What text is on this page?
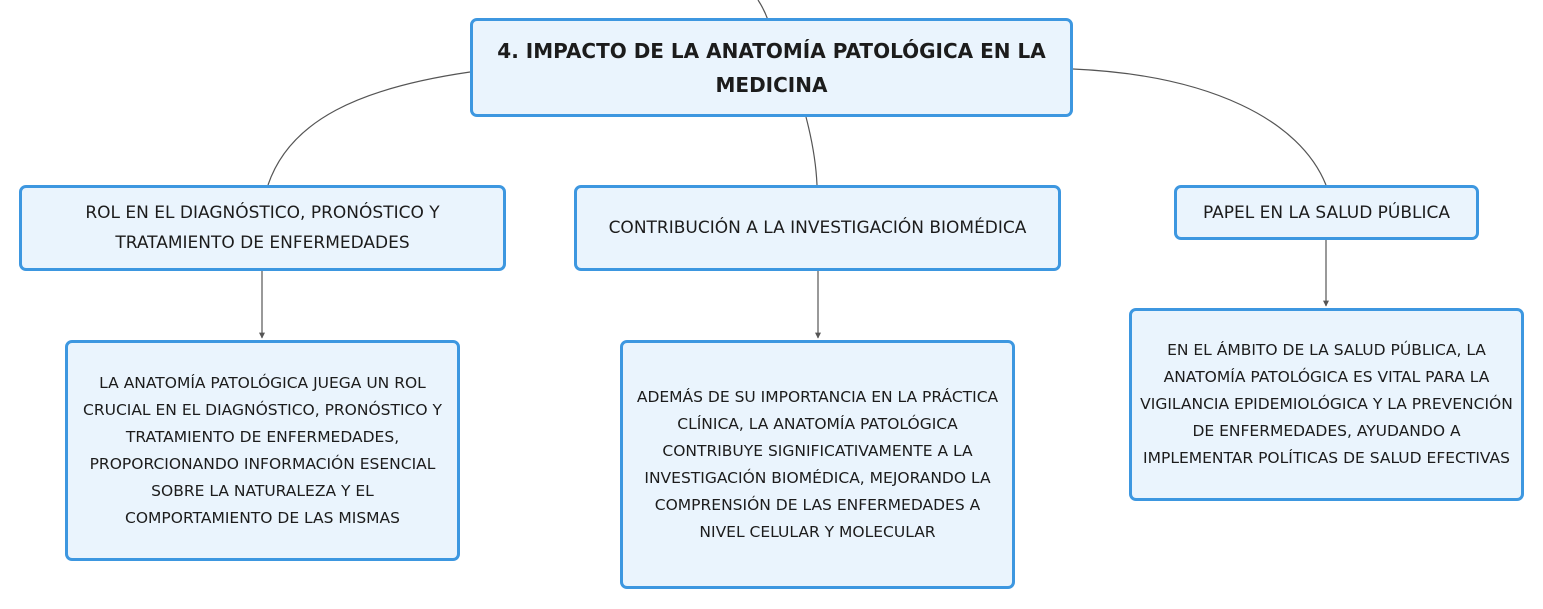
4. IMPACTO DE LA ANATOMÍA PATOLÓGICA EN LA MEDICINA
ROL EN EL DIAGNÓSTICO, PRONÓSTICO Y TRATAMIENTO DE ENFERMEDADES
CONTRIBUCIÓN A LA INVESTIGACIÓN BIOMÉDICA
PAPEL EN LA SALUD PÚBLICA
LA ANATOMÍA PATOLÓGICA JUEGA UN ROL CRUCIAL EN EL DIAGNÓSTICO, PRONÓSTICO Y TRATAMIENTO DE ENFERMEDADES, PROPORCIONANDO INFORMACIÓN ESENCIAL SOBRE LA NATURALEZA Y EL COMPORTAMIENTO DE LAS MISMAS
ADEMÁS DE SU IMPORTANCIA EN LA PRÁCTICA CLÍNICA, LA ANATOMÍA PATOLÓGICA CONTRIBUYE SIGNIFICATIVAMENTE A LA INVESTIGACIÓN BIOMÉDICA, MEJORANDO LA COMPRENSIÓN DE LAS ENFERMEDADES A NIVEL CELULAR Y MOLECULAR
EN EL ÁMBITO DE LA SALUD PÚBLICA, LA ANATOMÍA PATOLÓGICA ES VITAL PARA LA VIGILANCIA EPIDEMIOLÓGICA Y LA PREVENCIÓN DE ENFERMEDADES, AYUDANDO A IMPLEMENTAR POLÍTICAS DE SALUD EFECTIVAS
